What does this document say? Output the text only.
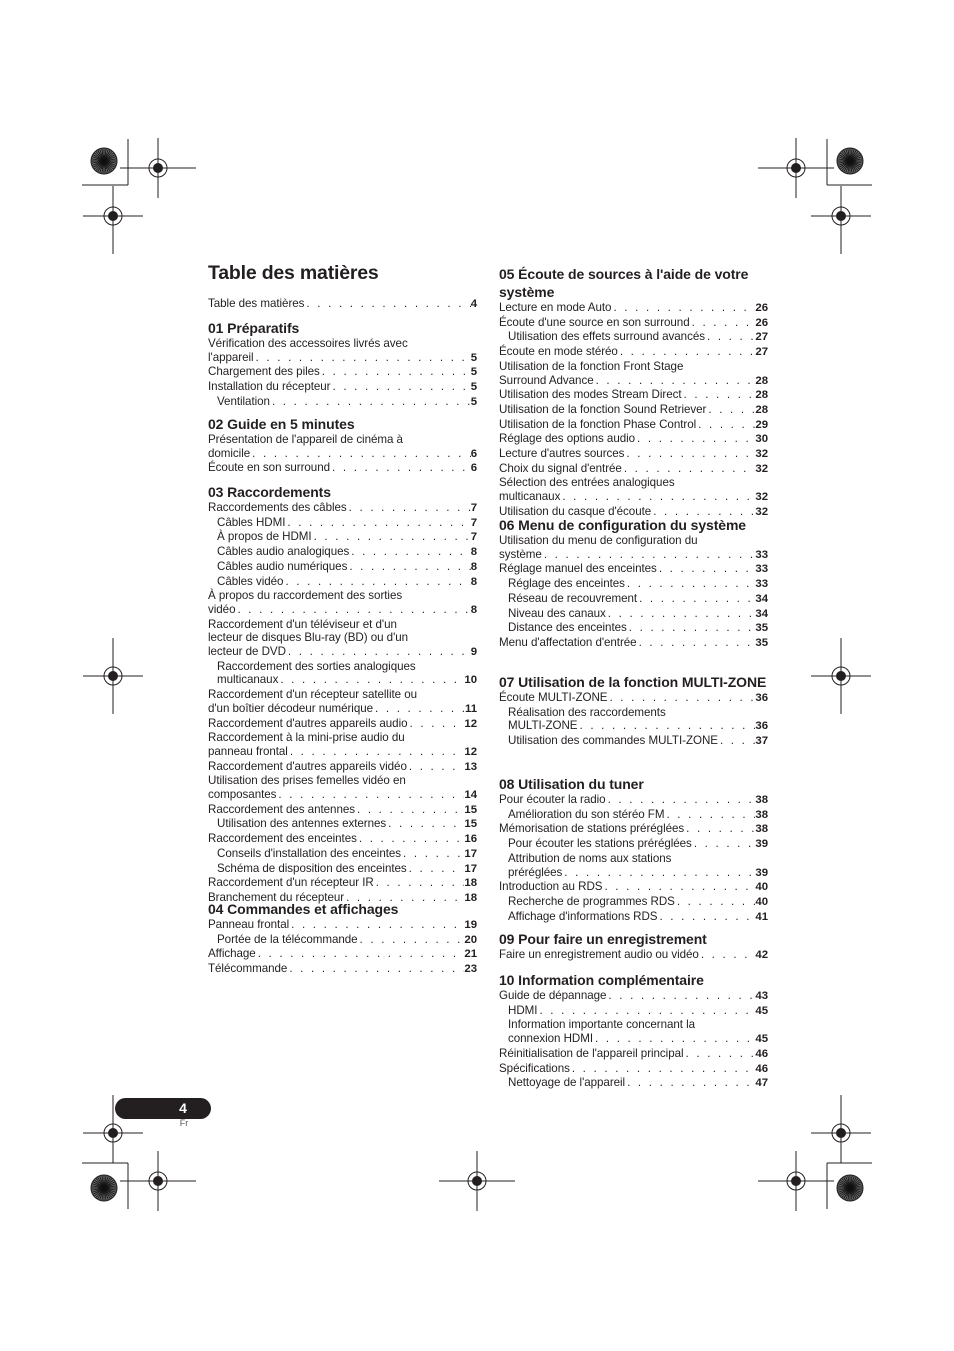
Table des matières
Table des matières . . .	4
01 Préparatifs
Vérification des accessoires livrés avec
l'appareil . . .	5
Chargement des piles . . .	5
Installation du récepteur . . .	5
Ventilation . . .	5
02 Guide en 5 minutes
Présentation de l'appareil de cinéma à
domicile . . .	6
Écoute en son surround . . .	6
03 Raccordements
Raccordements des câbles . . .	7
Câbles HDMI . . .	7
À propos de HDMI . . .	7
Câbles audio analogiques . . .	8
Câbles audio numériques . . .	8
Câbles vidéo . . .	8
À propos du raccordement des sorties
vidéo . . .	8
Raccordement d'un téléviseur et d'un
lecteur de disques Blu-ray (BD) ou d'un
lecteur de DVD . . .	9
Raccordement des sorties analogiques
multicanaux . . .	10
Raccordement d'un récepteur satellite ou
d'un boîtier décodeur numérique . . .	11
Raccordement d'autres appareils audio . . .	12
Raccordement à la mini-prise audio du
panneau frontal . . .	12
Raccordement d'autres appareils vidéo . . .	13
Utilisation des prises femelles vidéo en
composantes . . .	14
Raccordement des antennes . . .	15
Utilisation des antennes externes . . .	15
Raccordement des enceintes . . .	16
Conseils d'installation des enceintes . . .	17
Schéma de disposition des enceintes . . .	17
Raccordement d'un récepteur IR . . .	18
Branchement du récepteur . . .	18
04 Commandes et affichages
Panneau frontal . . .	19
Portée de la télécommande . . .	20
Affichage . . .	21
Télécommande . . .	23
05 Écoute de sources à l'aide de votre système
Lecture en mode Auto . . .	26
Écoute d'une source en son surround . . .	26
Utilisation des effets surround avancés . . .	27
Écoute en mode stéréo . . .	27
Utilisation de la fonction Front Stage
Surround Advance . . .	28
Utilisation des modes Stream Direct . . .	28
Utilisation de la fonction Sound Retriever . . .	28
Utilisation de la fonction Phase Control . . .	29
Réglage des options audio . . .	30
Lecture d'autres sources . . .	32
Choix du signal d'entrée . . .	32
Sélection des entrées analogiques
multicanaux . . .	32
Utilisation du casque d'écoute . . .	32
06 Menu de configuration du système
Utilisation du menu de configuration du
système . . .	33
Réglage manuel des enceintes . . .	33
Réglage des enceintes . . .	33
Réseau de recouvrement . . .	34
Niveau des canaux . . .	34
Distance des enceintes . . .	35
Menu d'affectation d'entrée . . .	35
07 Utilisation de la fonction MULTI-ZONE
Écoute MULTI-ZONE . . .	36
Réalisation des raccordements
MULTI-ZONE . . .	36
Utilisation des commandes MULTI-ZONE . . .	37
08 Utilisation du tuner
Pour écouter la radio . . .	38
Amélioration du son stéréo FM . . .	38
Mémorisation de stations préréglées . . .	38
Pour écouter les stations préréglées . . .	39
Attribution de noms aux stations
préréglées . . .	39
Introduction au RDS . . .	40
Recherche de programmes RDS . . .	40
Affichage d'informations RDS . . .	41
09 Pour faire un enregistrement
Faire un enregistrement audio ou vidéo . . .	42
10 Information complémentaire
Guide de dépannage . . .	43
HDMI . . .	45
Information importante concernant la
connexion HDMI . . .	45
Réinitialisation de l'appareil principal . . .	46
Spécifications . . .	46
Nettoyage de l'appareil . . .	47
4
Fr
